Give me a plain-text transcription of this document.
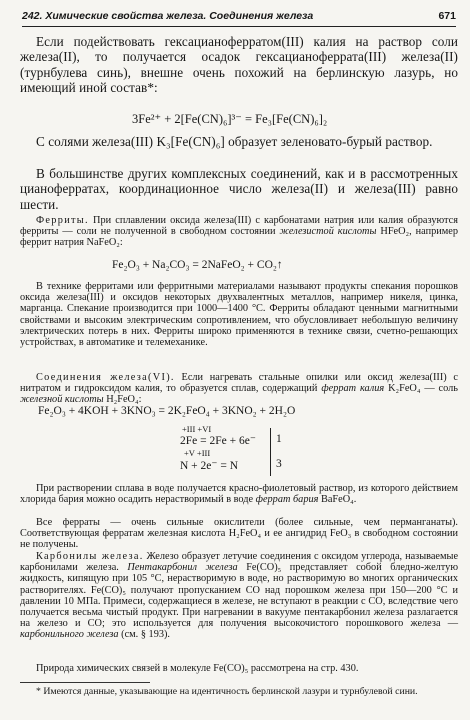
242. Химические свойства железа. Соединения железа	671
Если подействовать гексацианоферратом(III) калия на раствор соли железа(II), то получается осадок гексацианоферрата(III) железа(II) (турнбулева синь), внешне очень похожий на берлинскую лазурь, но имеющий иной состав*:
3Fe²⁺ + 2[Fe(CN)₆]³⁻ = Fe₃[Fe(CN)₆]₂
С солями железа(III) K₃[Fe(CN)₆] образует зеленовато-бурый раствор.
В большинстве других комплексных соединений, как и в рассмотренных цианоферратах, координационное число железа(II) и железа(III) равно шести.
Ферриты. При сплавлении оксида железа(III) с карбонатами натрия или калия образуются ферриты — соли не полученной в свободном состоянии железистой кислоты HFeO₂, например феррит натрия NaFeO₂:
Fe₂O₃ + Na₂CO₃ = 2NaFeO₂ + CO₂↑
В технике ферритами или ферритными материалами называют продукты спекания порошков оксида железа(III) и оксидов некоторых двухвалентных металлов, например никеля, цинка, марганца. Спекание производится при 1000—1400 °С. Ферриты обладают ценными магнитными свойствами и высоким электрическим сопротивлением, что обусловливает небольшую величину электрических потерь в них. Ферриты широко применяются в технике связи, счетно-решающих устройствах, в автоматике и телемеханике.
Соединения железа(VI). Если нагревать стальные опилки или оксид железа(III) с нитратом и гидроксидом калия, то образуется сплав, содержащий феррат калия K₂FeO₄ — соль железной кислоты H₂FeO₄:
Fe₂O₃ + 4KOH + 3KNO₃ = 2K₂FeO₄ + 3KNO₂ + 2H₂O
+III +VI
2Fe = 2Fe + 6e⁻ 1
+V +III
N + 2e⁻ = N	3
При растворении сплава в воде получается красно-фиолетовый раствор, из которого действием хлорида бария можно осадить нерастворимый в воде феррат бария BaFeO₄.
Все ферраты — очень сильные окислители (более сильные, чем перманганаты). Соответствующая ферратам железная кислота H₂FeO₄ и ее ангидрид FeO₃ в свободном состоянии не получены.
Карбонилы железа. Железо образует летучие соединения с оксидом углерода, называемые карбонилами железа. Пентакарбонил железа Fe(CO)₅ представляет собой бледно-желтую жидкость, кипящую при 105 °С, нерастворимую в воде, но растворимую во многих органических растворителях. Fe(CO)₅ получают пропусканием CO над порошком железа при 150—200 °С и давлении 10 МПа. Примеси, содержащиеся в железе, не вступают в реакции с CO, вследствие чего получается весьма чистый продукт. При нагревании в вакууме пентакарбонил железа разлагается на железо и CO; это используется для получения высокочистого порошкового железа — карбонильного железа (см. § 193).
Природа химических связей в молекуле Fe(CO)₅ рассмотрена на стр. 430.
* Имеются данные, указывающие на идентичность берлинской лазури и турнбулевой сини.
